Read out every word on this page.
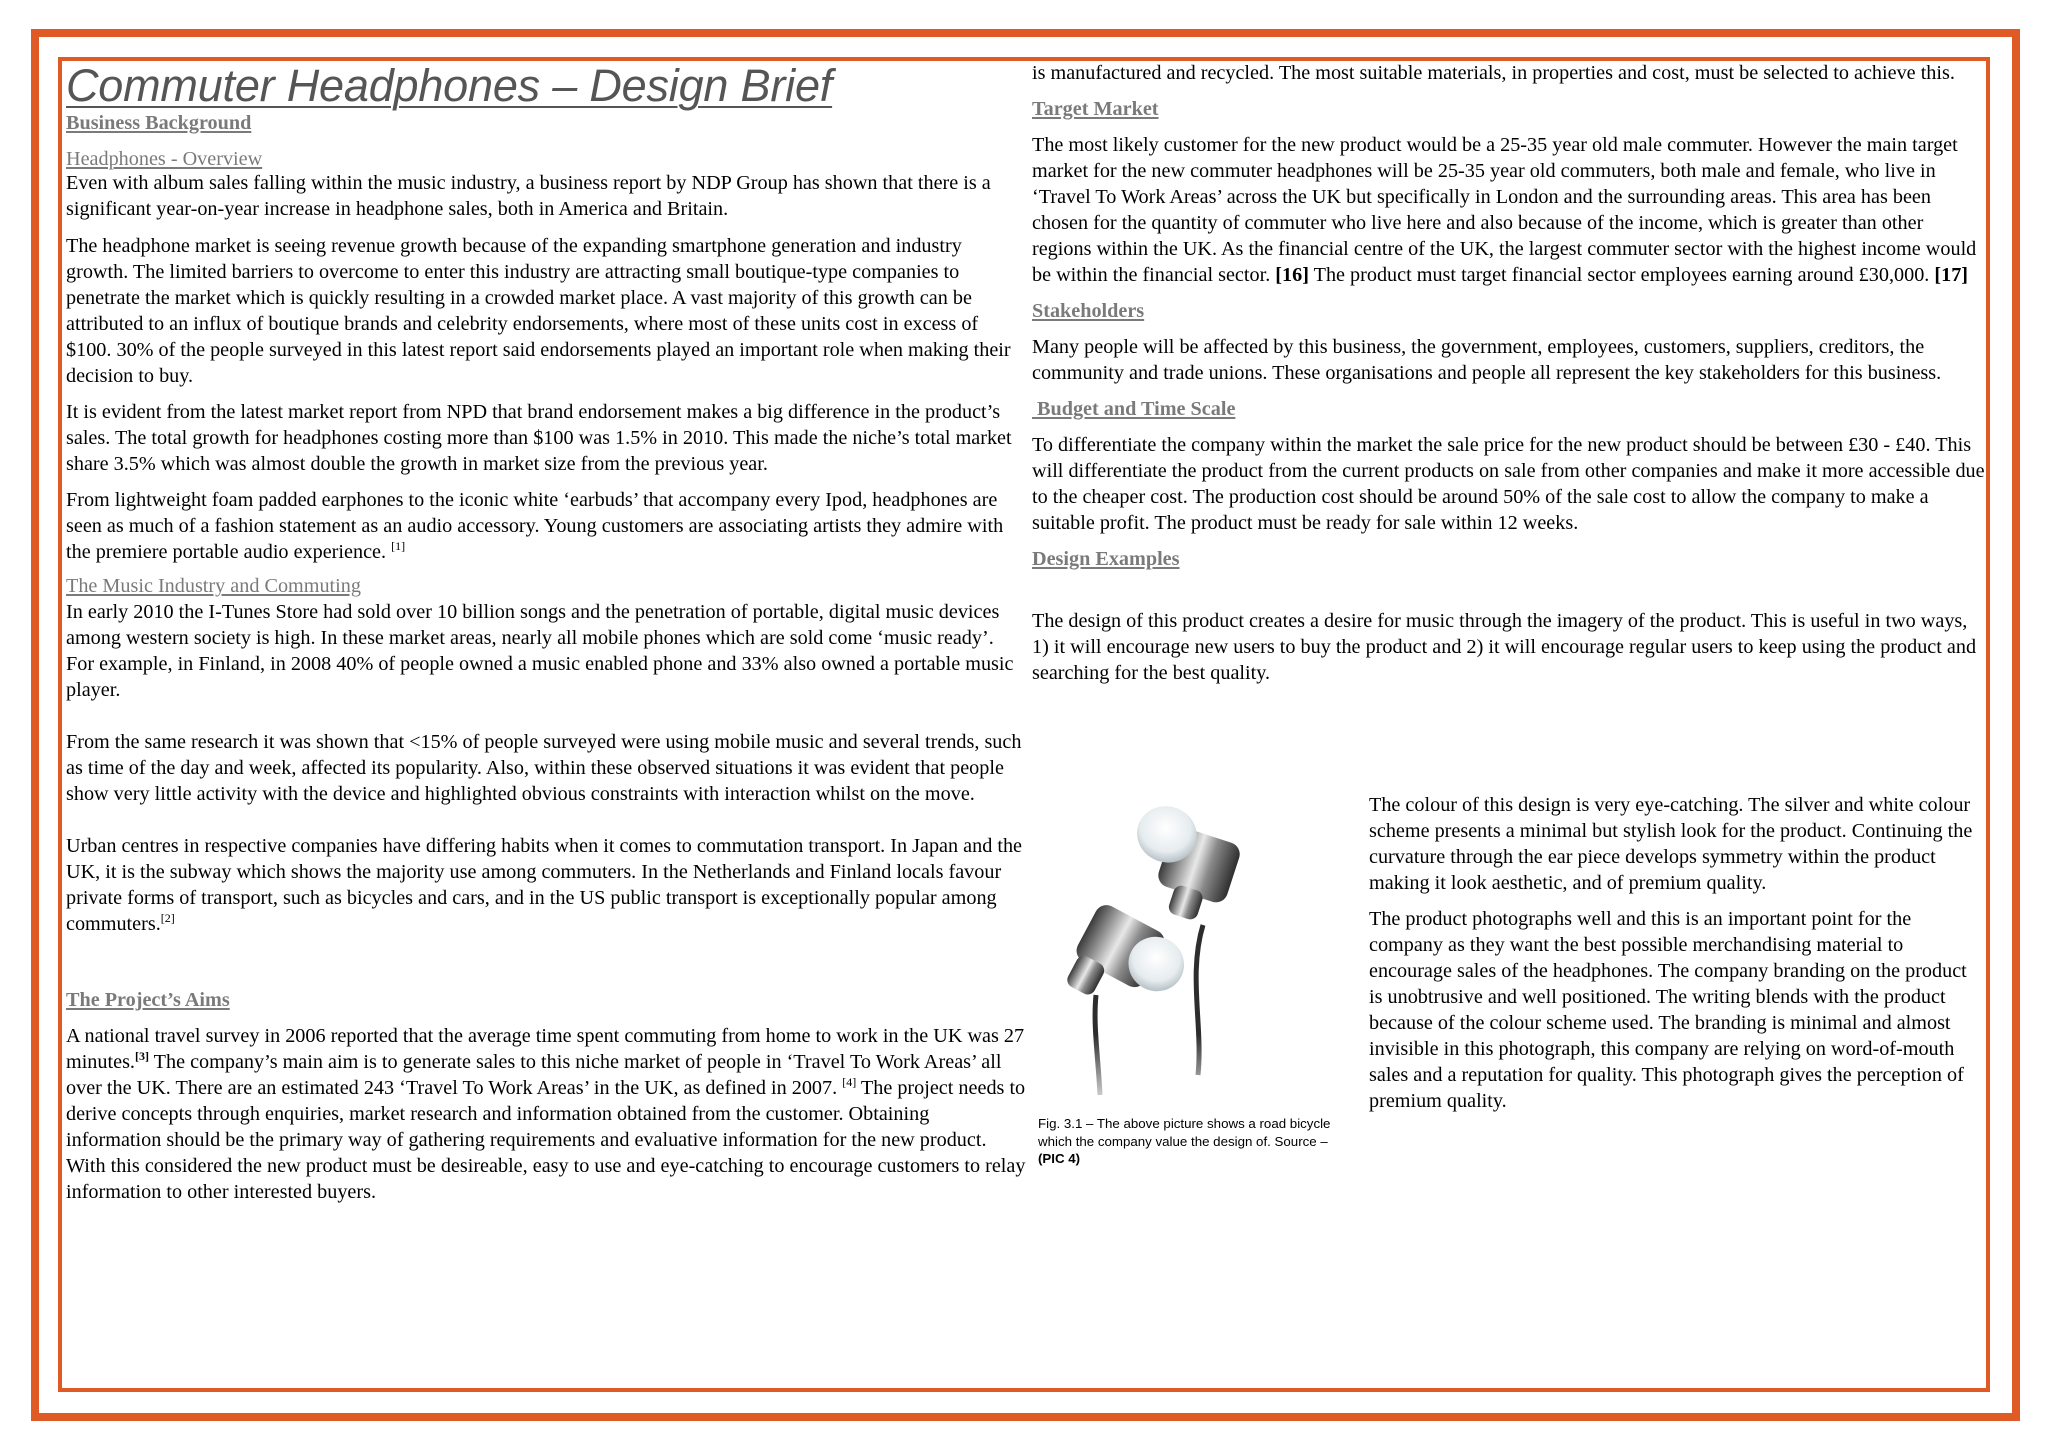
Commuter Headphones – Design Brief
Business Background
Headphones - Overview

Even with album sales falling within the music industry, a business report by NDP Group has shown that there is a significant year-on-year increase in headphone sales, both in America and Britain.

The headphone market is seeing revenue growth because of the expanding smartphone generation and industry growth. The limited barriers to overcome to enter this industry are attracting small boutique-type companies to penetrate the market which is quickly resulting in a crowded market place. A vast majority of this growth can be attributed to an influx of boutique brands and celebrity endorsements, where most of these units cost in excess of $100. 30% of the people surveyed in this latest report said endorsements played an important role when making their decision to buy.

It is evident from the latest market report from NPD that brand endorsement makes a big difference in the product’s sales. The total growth for headphones costing more than $100 was 1.5% in 2010. This made the niche’s total market share 3.5% which was almost double the growth in market size from the previous year.

From lightweight foam padded earphones to the iconic white ‘earbuds’ that accompany every Ipod, headphones are seen as much of a fashion statement as an audio accessory. Young customers are associating artists they admire with the premiere portable audio experience. [1]

The Music Industry and Commuting

In early 2010 the I-Tunes Store had sold over 10 billion songs and the penetration of portable, digital music devices among western society is high. In these market areas, nearly all mobile phones which are sold come ‘music ready’. For example, in Finland, in 2008 40% of people owned a music enabled phone and 33% also owned a portable music player.

From the same research it was shown that <15% of people surveyed were using mobile music and several trends, such as time of the day and week, affected its popularity. Also, within these observed situations it was evident that people show very little activity with the device and highlighted obvious constraints with interaction whilst on the move.

Urban centres in respective companies have differing habits when it comes to commutation transport. In Japan and the UK, it is the subway which shows the majority use among commuters. In the Netherlands and Finland locals favour private forms of transport, such as bicycles and cars, and in the US public transport is exceptionally popular among commuters.[2]

The Project’s Aims

A national travel survey in 2006 reported that the average time spent commuting from home to work in the UK was 27 minutes.[3] The company’s main aim is to generate sales to this niche market of people in ‘Travel To Work Areas’ all over the UK. There are an estimated 243 ‘Travel To Work Areas’ in the UK, as defined in 2007. [4] The project needs to derive concepts through enquiries, market research and information obtained from the customer. Obtaining information should be the primary way of gathering requirements and evaluative information for the new product. With this considered the new product must be desireable, easy to use and eye-catching to encourage customers to relay information to other interested buyers.

is manufactured and recycled. The most suitable materials, in properties and cost, must be selected to achieve this.

Target Market

The most likely customer for the new product would be a 25-35 year old male commuter. However the main target market for the new commuter headphones will be 25-35 year old commuters, both male and female, who live in ‘Travel To Work Areas’ across the UK but specifically in London and the surrounding areas. This area has been chosen for the quantity of commuter who live here and also because of the income, which is greater than other regions within the UK. As the financial centre of the UK, the largest commuter sector with the highest income would be within the financial sector. [16] The product must target financial sector employees earning around £30,000. [17]

Stakeholders

Many people will be affected by this business, the government, employees, customers, suppliers, creditors, the community and trade unions. These organisations and people all represent the key stakeholders for this business.

Budget and Time Scale

To differentiate the company within the market the sale price for the new product should be between £30 - £40. This will differentiate the product from the current products on sale from other companies and make it more accessible due to the cheaper cost. The production cost should be around 50% of the sale cost to allow the company to make a suitable profit. The product must be ready for sale within 12 weeks.

Design Examples

The design of this product creates a desire for music through the imagery of the product. This is useful in two ways, 1) it will encourage new users to buy the product and 2) it will encourage regular users to keep using the product and searching for the best quality.

Fig. 3.1 – The above picture shows a road bicycle which the company value the design of. Source – (PIC 4)

The colour of this design is very eye-catching. The silver and white colour scheme presents a minimal but stylish look for the product. Continuing the curvature through the ear piece develops symmetry within the product making it look aesthetic, and of premium quality.

The product photographs well and this is an important point for the company as they want the best possible merchandising material to encourage sales of the headphones. The company branding on the product is unobtrusive and well positioned. The writing blends with the product because of the colour scheme used. The branding is minimal and almost invisible in this photograph, this company are relying on word-of-mouth sales and a reputation for quality. This photograph gives the perception of premium quality.
